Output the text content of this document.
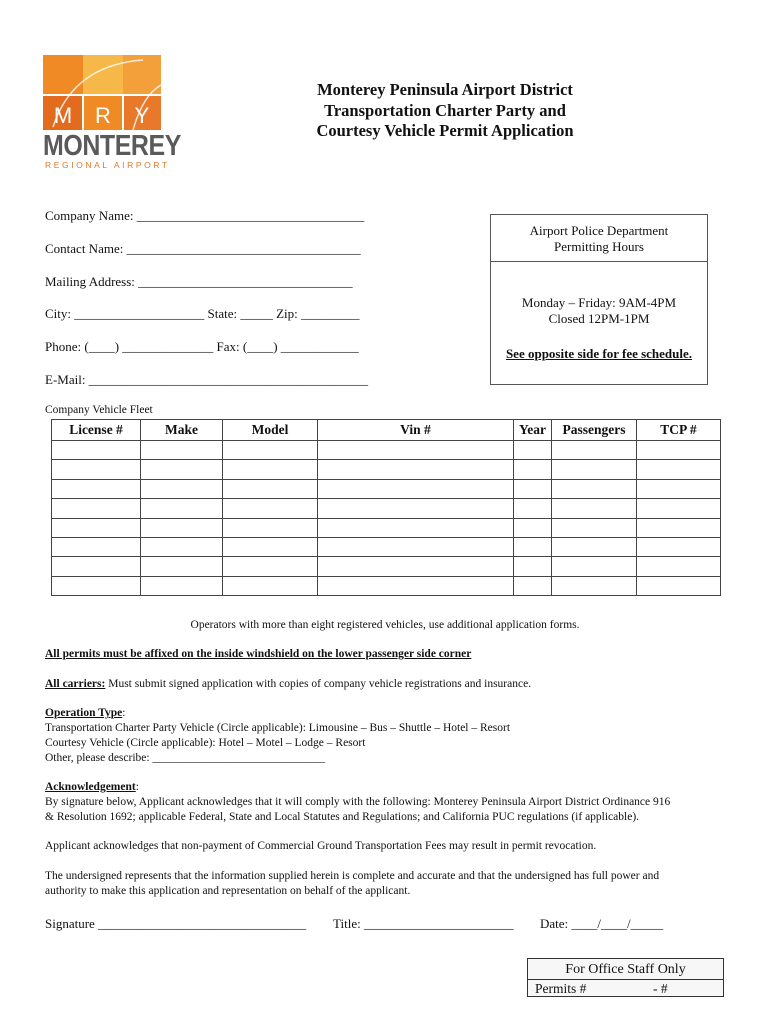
M R Y
MONTEREY
REGIONAL AIRPORT
Monterey Peninsula Airport District
Transportation Charter Party and
Courtesy Vehicle Permit Application
Company Name: ___________________________________
Contact Name: ____________________________________
Mailing Address: _________________________________
City: ____________________ State: _____ Zip: _________
Phone: (____) ______________ Fax: (____) ____________
E-Mail: ___________________________________________
Airport Police Department
Permitting Hours
Monday – Friday: 9AM-4PM
Closed 12PM-1PM
See opposite side for fee schedule.
Company Vehicle Fleet
License #	Make	Model	Vin #	Year	Passengers	TCP #

Operators with more than eight registered vehicles, use additional application forms.
All permits must be affixed on the inside windshield on the lower passenger side corner
All carriers: Must submit signed application with copies of company vehicle registrations and insurance.
Operation Type:
Transportation Charter Party Vehicle (Circle applicable): Limousine – Bus – Shuttle – Hotel – Resort
Courtesy Vehicle (Circle applicable): Hotel – Motel – Lodge – Resort
Other, please describe: ______________________________
Acknowledgement:
By signature below, Applicant acknowledges that it will comply with the following: Monterey Peninsula Airport District Ordinance 916
& Resolution 1692; applicable Federal, State and Local Statutes and Regulations; and California PUC regulations (if applicable).
Applicant acknowledges that non-payment of Commercial Ground Transportation Fees may result in permit revocation.
The undersigned represents that the information supplied herein is complete and accurate and that the undersigned has full power and
authority to make this application and representation on behalf of the applicant.
Signature ________________________________ Title: _______________________ Date: ____/____/_____
For Office Staff Only
Permits #	- #
